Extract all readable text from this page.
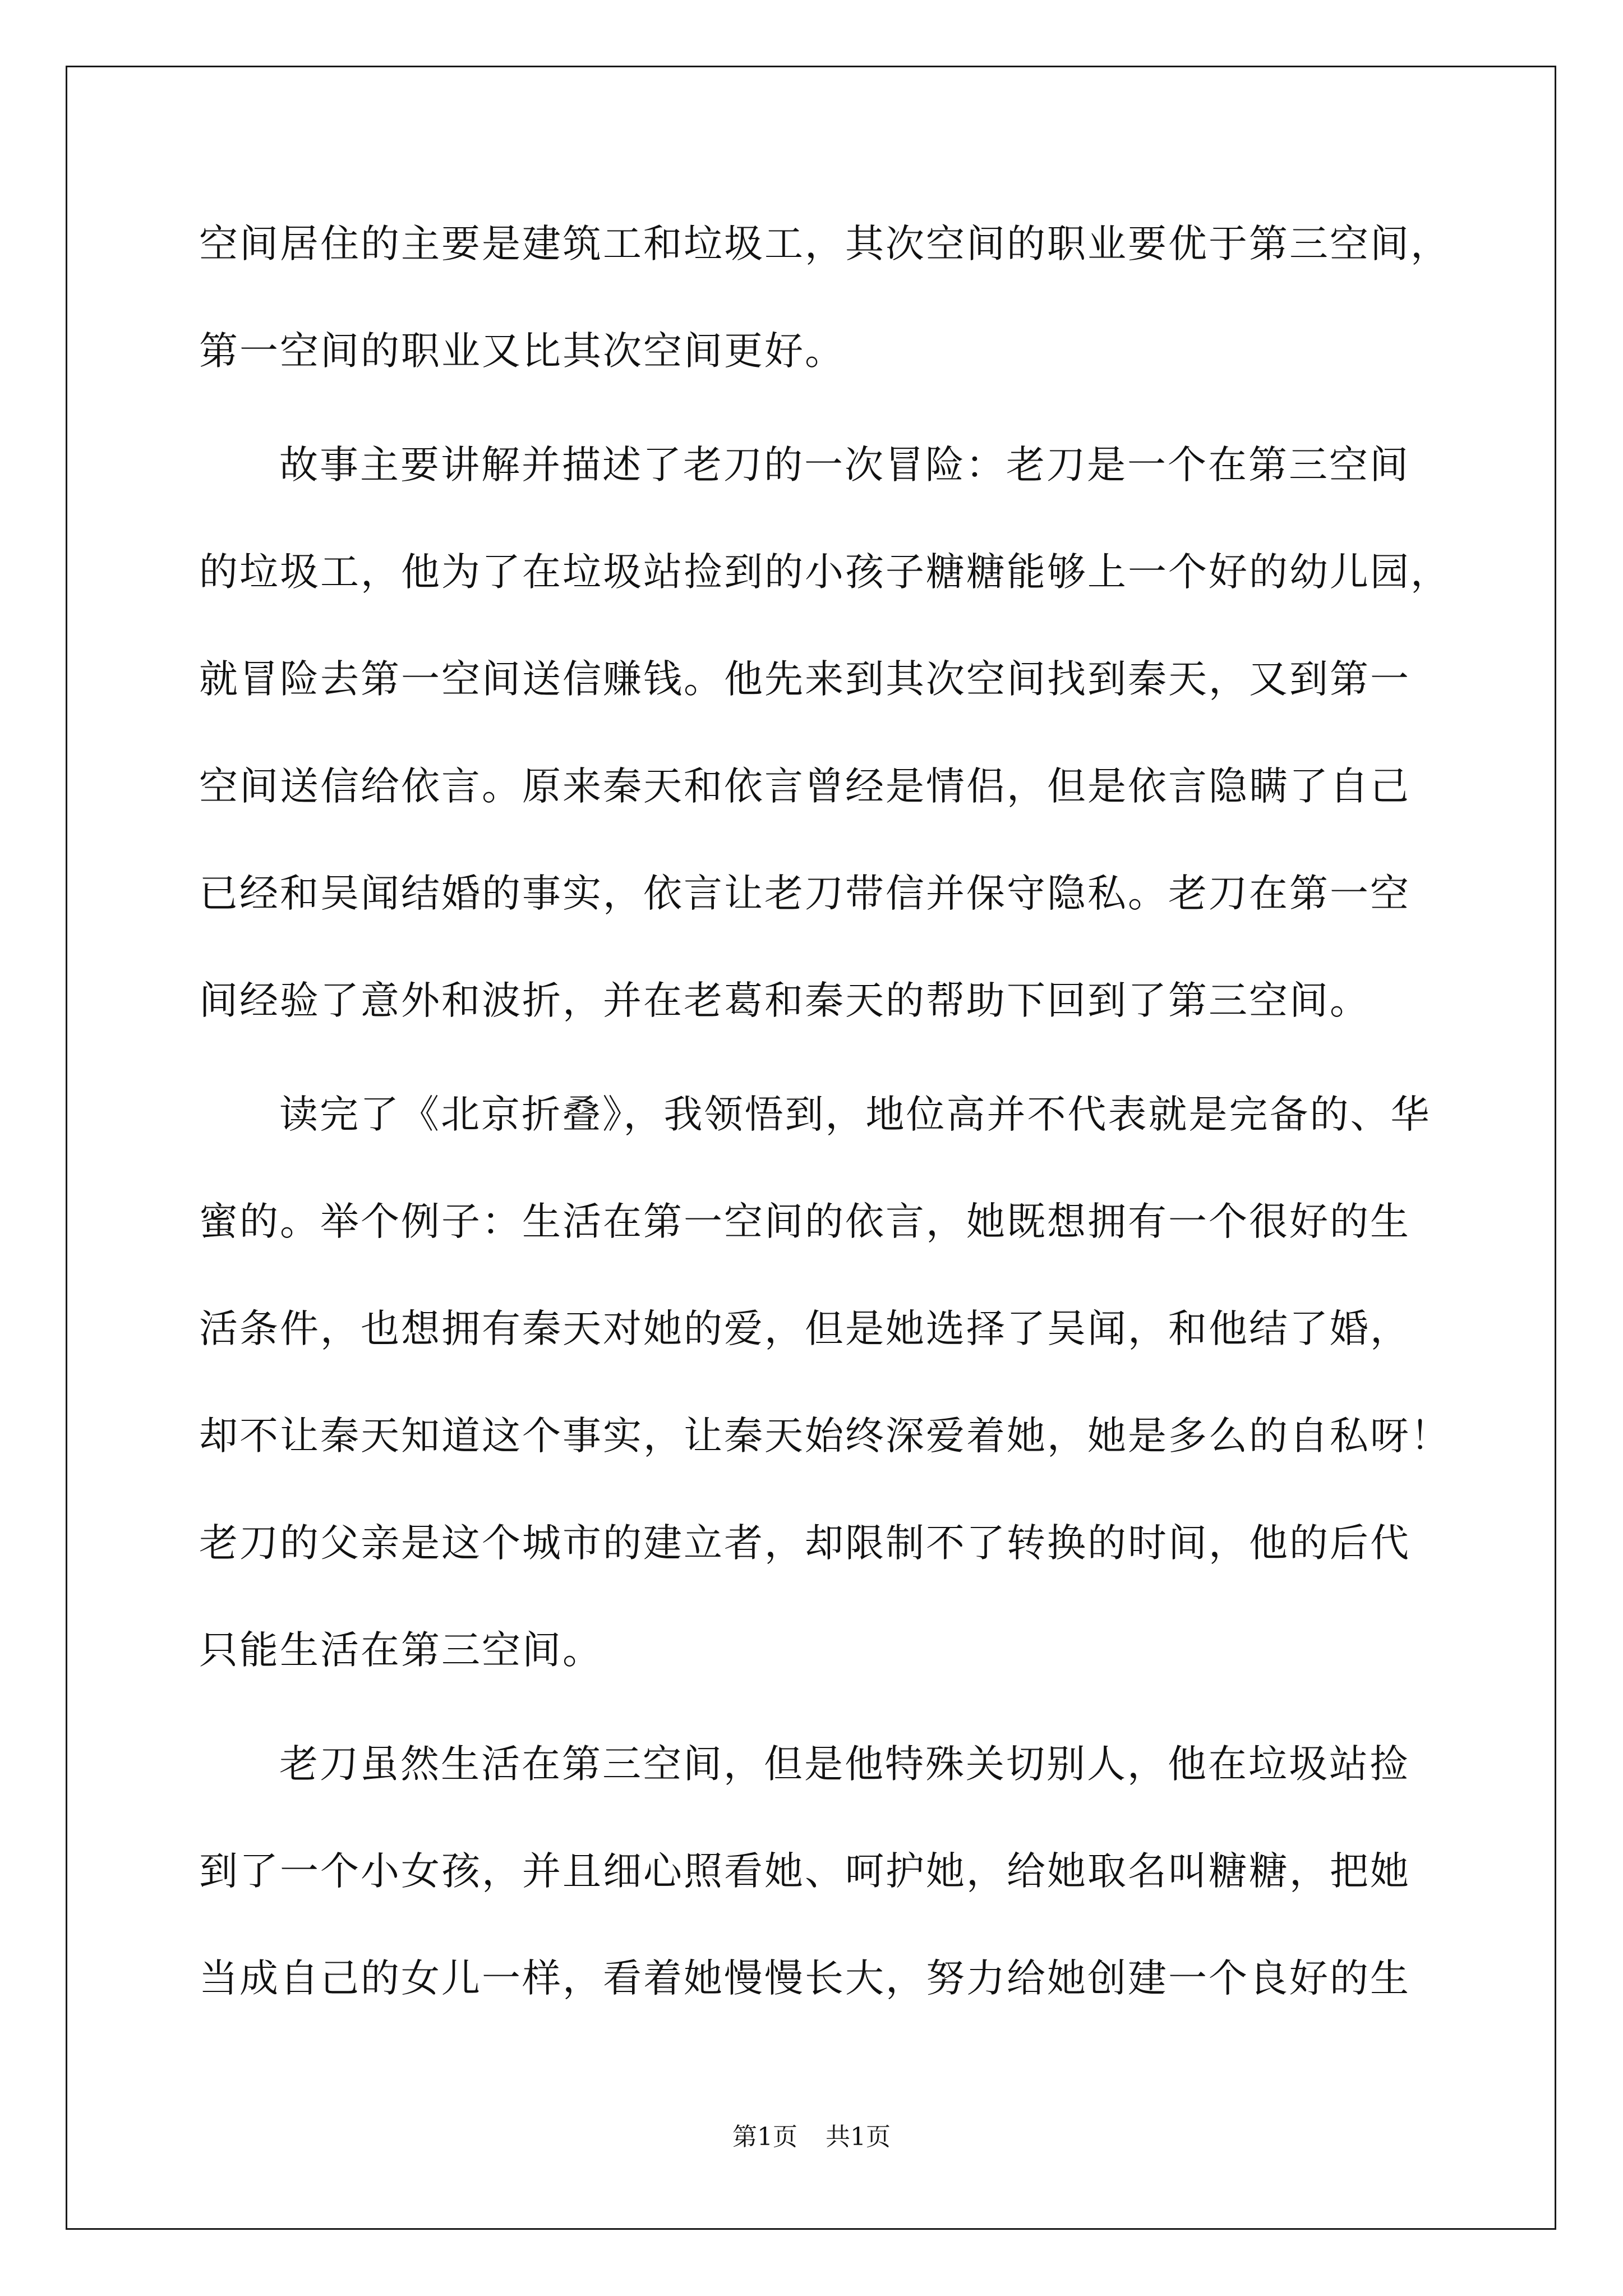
空间居住的主要是建筑工和垃圾工，其次空间的职业要优于第三空间，
第一空间的职业又比其次空间更好。
故事主要讲解并描述了老刀的一次冒险：老刀是一个在第三空间
的垃圾工，他为了在垃圾站捡到的小孩子糖糖能够上一个好的幼儿园，
就冒险去第一空间送信赚钱。他先来到其次空间找到秦天，又到第一
空间送信给依言。原来秦天和依言曾经是情侣，但是依言隐瞒了自己
已经和吴闻结婚的事实，依言让老刀带信并保守隐私。老刀在第一空
间经验了意外和波折，并在老葛和秦天的帮助下回到了第三空间。
读完了《北京折叠》，我领悟到，地位高并不代表就是完备的、华
蜜的。举个例子：生活在第一空间的依言，她既想拥有一个很好的生
活条件，也想拥有秦天对她的爱，但是她选择了吴闻，和他结了婚，
却不让秦天知道这个事实，让秦天始终深爱着她，她是多么的自私呀！
老刀的父亲是这个城市的建立者，却限制不了转换的时间，他的后代
只能生活在第三空间。
老刀虽然生活在第三空间，但是他特殊关切别人，他在垃圾站捡
到了一个小女孩，并且细心照看她、呵护她，给她取名叫糖糖，把她
当成自己的女儿一样，看着她慢慢长大，努力给她创建一个良好的生
第1页 共1页
